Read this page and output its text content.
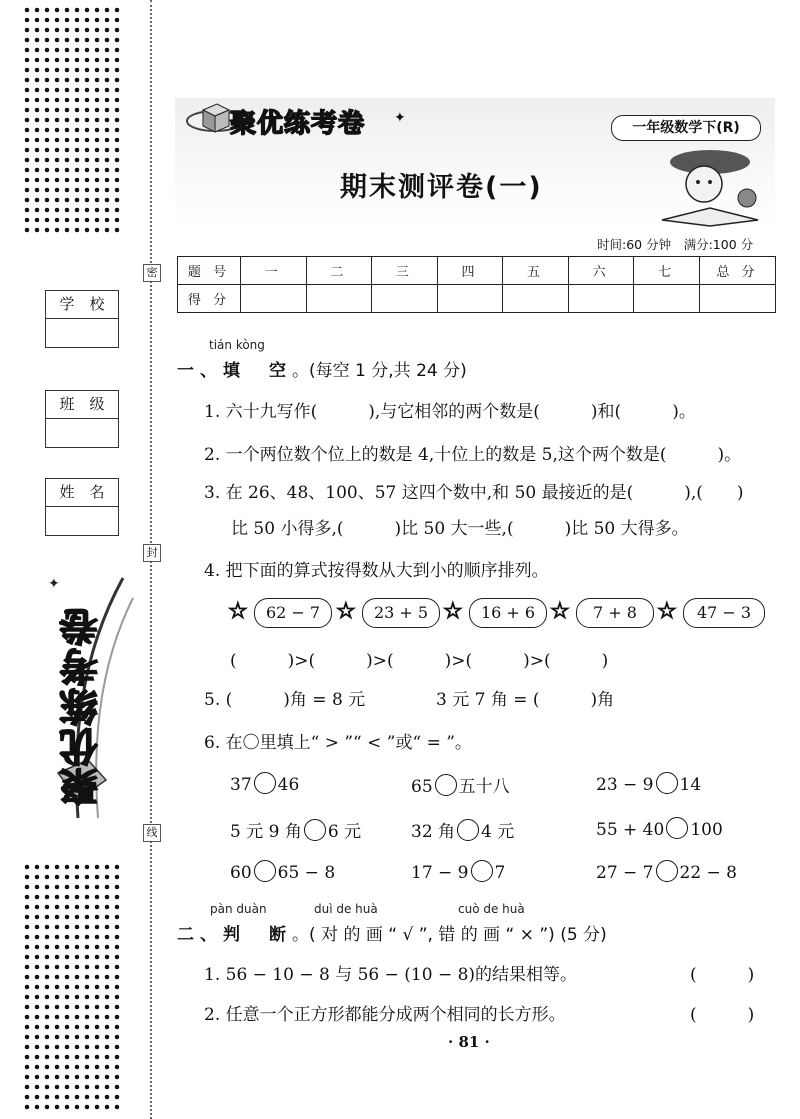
密
封
线
学　校
班　级
姓　名
✦
聚优练考卷
聚优练考卷 ✦
一年级数学下(R)
期末测评卷(一)
时间:60 分钟　满分:100 分
题 号	一	二	三	四	五	六	七	总 分
得 分								
tián kòng
一、填　空。(每空 1 分,共 24 分)
1. 六十九写作(　　　),与它相邻的两个数是(　　　)和(　　　)。
2. 一个两位数个位上的数是 4,十位上的数是 5,这个两个数是(　　　)。
3. 在 26、48、100、57 这四个数中,和 50 最接近的是(　　　),(　　)
比 50 小得多,(　　　)比 50 大一些,(　　　)比 50 大得多。
4. 把下面的算式按得数从大到小的顺序排列。
☆	62 − 7 ☆	23 + 5 ☆	16 + 6 ☆	7 + 8 ☆	47 − 3
(　　　)>(　　　)>(　　　)>(　　　)>(　　　)
5. (　　　)角 = 8 元	3 元 7 角 = (　　　)角
6. 在〇里填上“ > ”“ < ”或“ = ”。
37 46	65 五十八	23 − 9 14
5 元 9 角 6 元	32 角 4 元	55 + 40 100
60 65 − 8	17 − 9 7	27 − 7 22 − 8
pàn duàn	duì de huà	cuò de huà
二、判　断。( 对 的 画 “ √ ”, 错 的 画 “ × ”) (5 分)
1. 56 − 10 − 8 与 56 − (10 − 8)的结果相等。	(　　　)
2. 任意一个正方形都能分成两个相同的长方形。	(　　　)
· 81 ·
